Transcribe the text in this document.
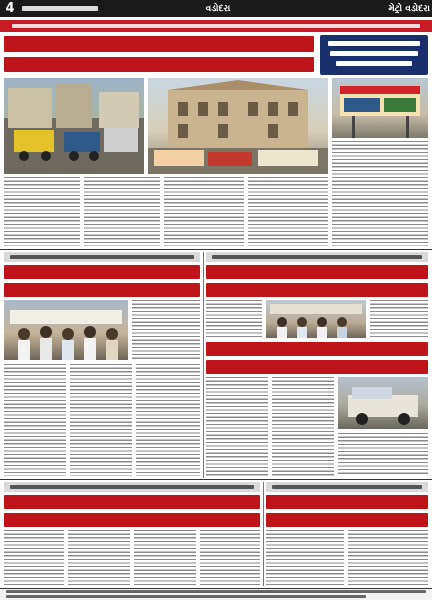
4	વડોદરા	મેટ્રો વડોદરા
